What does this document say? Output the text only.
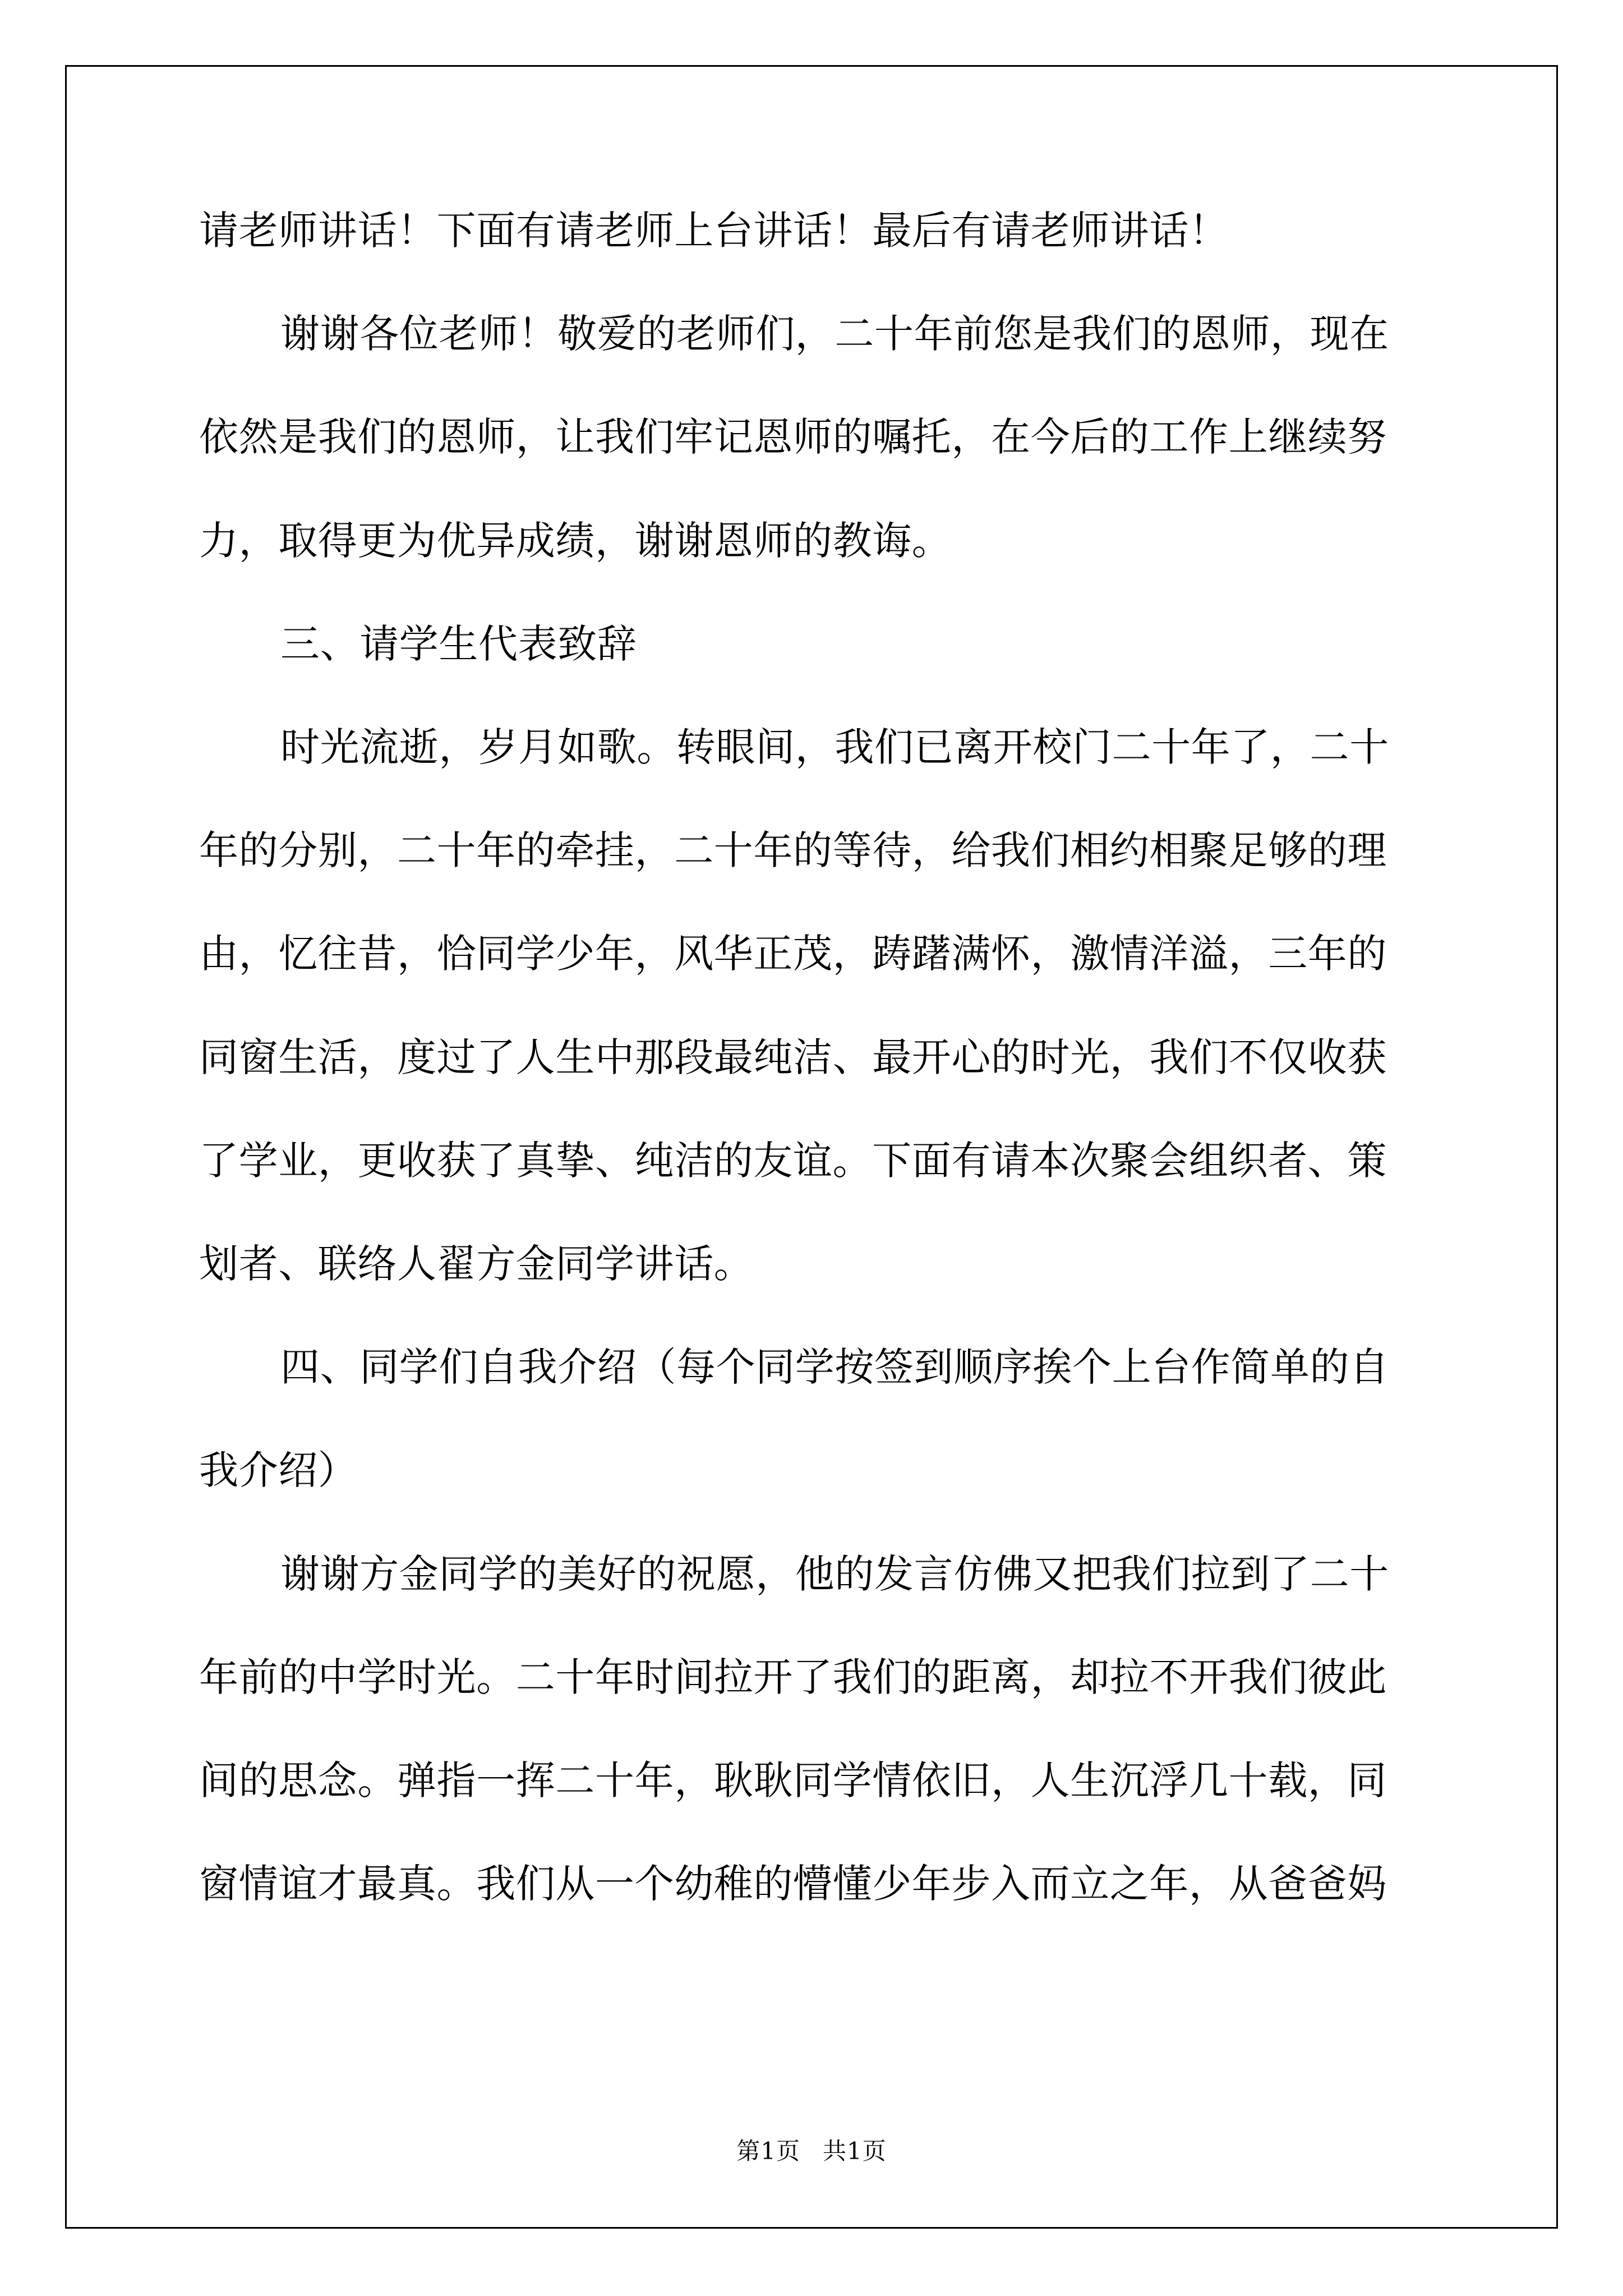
请老师讲话！下面有请老师上台讲话！最后有请老师讲话！
谢谢各位老师！敬爱的老师们，二十年前您是我们的恩师，现在
依然是我们的恩师，让我们牢记恩师的嘱托，在今后的工作上继续努
力，取得更为优异成绩，谢谢恩师的教诲。
三、请学生代表致辞
时光流逝，岁月如歌。转眼间，我们已离开校门二十年了，二十
年的分别，二十年的牵挂，二十年的等待，给我们相约相聚足够的理
由，忆往昔，恰同学少年，风华正茂，踌躇满怀，激情洋溢，三年的
同窗生活，度过了人生中那段最纯洁、最开心的时光，我们不仅收获
了学业，更收获了真挚、纯洁的友谊。下面有请本次聚会组织者、策
划者、联络人翟方金同学讲话。
四、同学们自我介绍（每个同学按签到顺序挨个上台作简单的自
我介绍）
谢谢方金同学的美好的祝愿，他的发言仿佛又把我们拉到了二十
年前的中学时光。二十年时间拉开了我们的距离，却拉不开我们彼此
间的思念。弹指一挥二十年，耿耿同学情依旧，人生沉浮几十载，同
窗情谊才最真。我们从一个幼稚的懵懂少年步入而立之年，从爸爸妈
第1页 共1页
